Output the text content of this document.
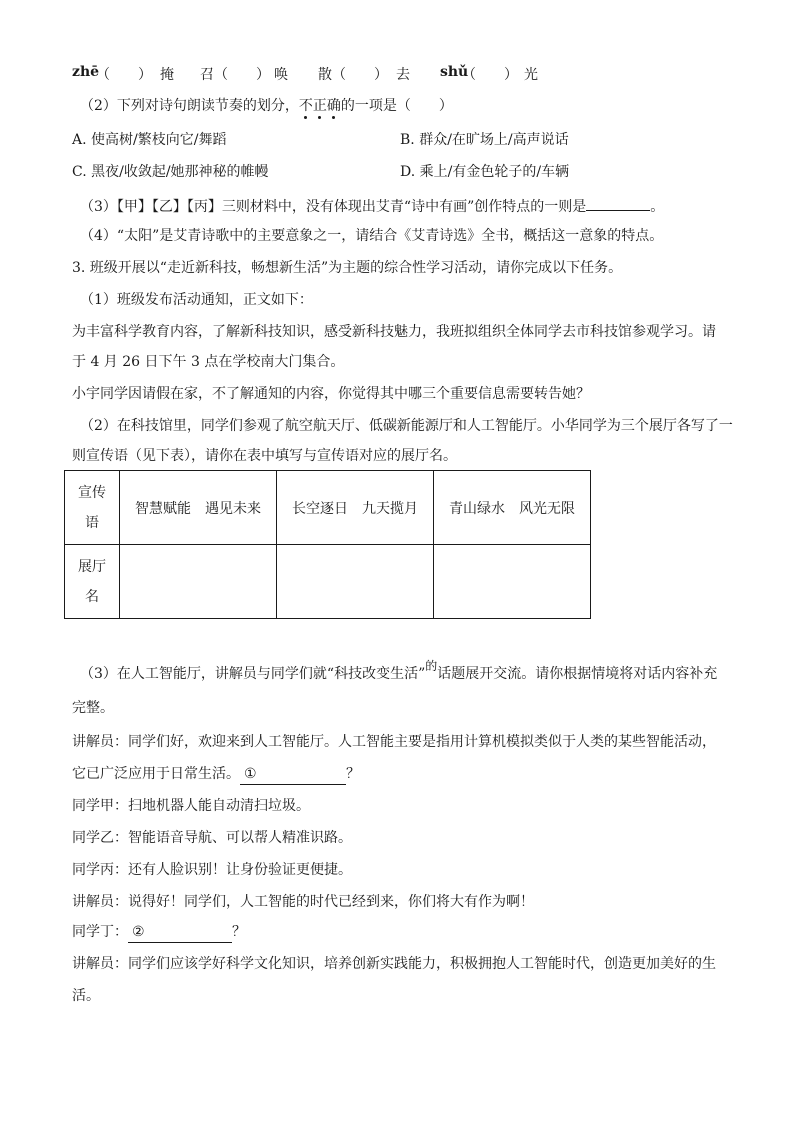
zhē
（　　） 掩 召 （　　） 唤 散 （　　） 去 shǔ
（　　） 光
（2）下列对诗句朗读节奏的划分，不正确的一项是（　　）
A. 使高树/繁枝向它/舞蹈	B. 群众/在旷场上/高声说话
C. 黑夜/收敛起/她那神秘的帷幔	D. 乘上/有金色轮子的/车辆
（3）【甲】【乙】【丙】三则材料中，没有体现出艾青“诗中有画”创作特点的一则是	。
（4）“太阳”是艾青诗歌中的主要意象之一，请结合《艾青诗选》全书，概括这一意象的特点。
3. 班级开展以“走近新科技，畅想新生活”为主题的综合性学习活动，请你完成以下任务。
（1）班级发布活动通知，正文如下：
为丰富科学教育内容，了解新科技知识，感受新科技魅力，我班拟组织全体同学去市科技馆参观学习。请
于 4 月 26 日下午 3 点在学校南大门集合。
小宇同学因请假在家，不了解通知的内容，你觉得其中哪三个重要信息需要转告她？
（2）在科技馆里，同学们参观了航空航天厅、低碳新能源厅和人工智能厅。小华同学为三个展厅各写了一
则宣传语（见下表），请你在表中填写与宣传语对应的展厅名。
宣传
语	智慧赋能　遇见未来	长空逐日　九天揽月	青山绿水　风光无限
展厅
名			
（3）在人工智能厅，讲解员与同学们就“科技改变生活”的话题展开交流。请你根据情境将对话内容补充
完整。
讲解员：同学们好，欢迎来到人工智能厅。人工智能主要是指用计算机模拟类似于人类的某些智能活动，
它已广泛应用于日常生活。 ①	？
同学甲：扫地机器人能自动清扫垃圾。
同学乙：智能语音导航、可以帮人精准识路。
同学丙：还有人脸识别！让身份验证更便捷。
讲解员：说得好！同学们，人工智能的时代已经到来，你们将大有作为啊！
同学丁： ②	？
讲解员：同学们应该学好科学文化知识，培养创新实践能力，积极拥抱人工智能时代，创造更加美好的生
活。
